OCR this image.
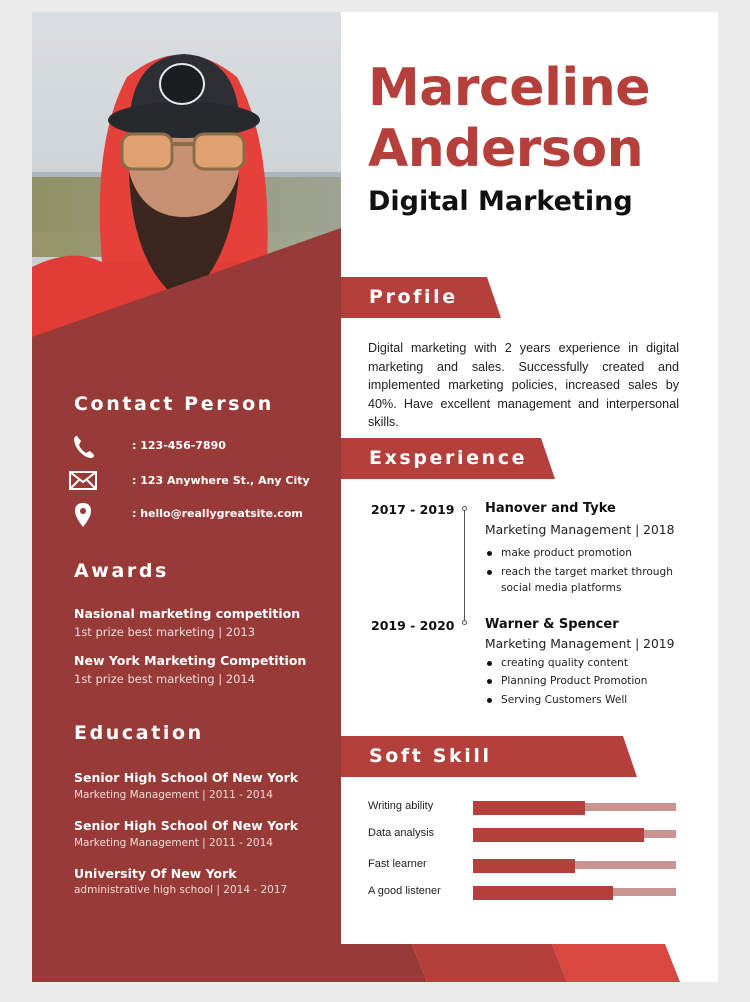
Contact Person
: 123-456-7890
: 123 Anywhere St., Any City
: hello@reallygreatsite.com
Awards
Nasional marketing competition
1st prize best marketing | 2013
New York Marketing Competition
1st prize best marketing | 2014
Education
Senior High School Of New York
Marketing Management | 2011 - 2014
Senior High School Of New York
Marketing Management | 2011 - 2014
University Of New York
administrative high school | 2014 - 2017
Marceline
Anderson
Digital Marketing
Profile

Digital marketing with 2 years experience in digital marketing and sales. Successfully created and implemented marketing policies, increased sales by 40%. Have excellent management and interpersonal skills.

Exsperience
2017 - 2019 Hanover and Tyke
Marketing Management | 2018
make product promotion
reach the target market through social media platforms
2019 - 2020 Warner & Spencer
Marketing Management | 2019
creating quality content
Planning Product Promotion
Serving Customers Well
Soft Skill
Writing ability
Data analysis
Fast learner
A good listener
